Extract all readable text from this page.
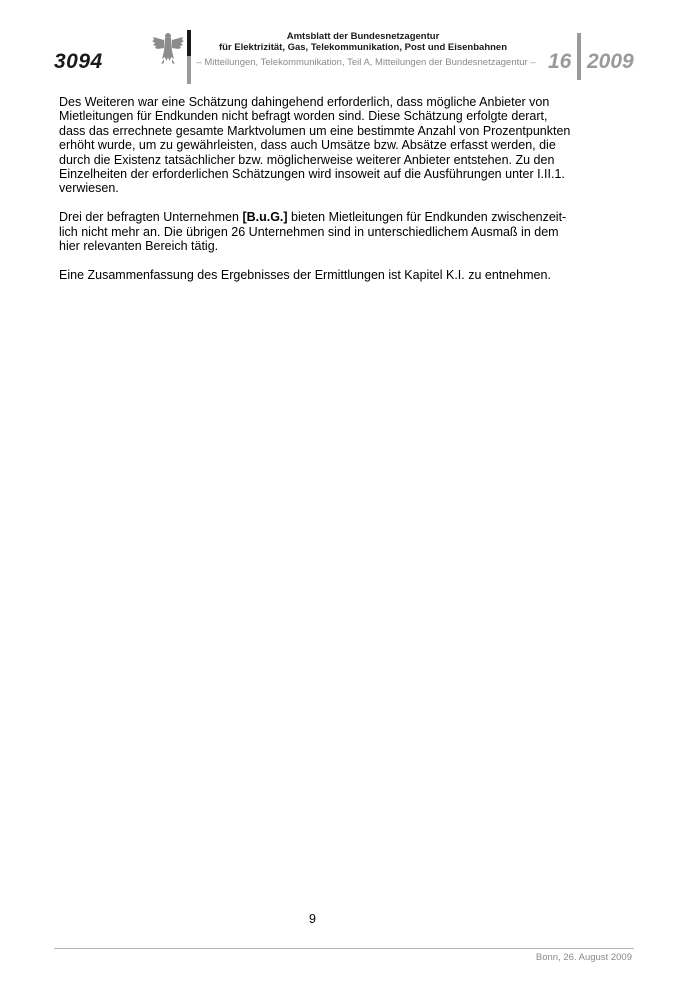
3094
Amtsblatt der Bundesnetzagentur
für Elektrizität, Gas, Telekommunikation, Post und Eisenbahnen
– Mitteilungen, Telekommunikation, Teil A, Mitteilungen der Bundesnetzagentur – 16 2009

Des Weiteren war eine Schätzung dahingehend erforderlich, dass mögliche Anbieter von
Mietleitungen für Endkunden nicht befragt worden sind. Diese Schätzung erfolgte derart,
dass das errechnete gesamte Marktvolumen um eine bestimmte Anzahl von Prozentpunkten
erhöht wurde, um zu gewährleisten, dass auch Umsätze bzw. Absätze erfasst werden, die
durch die Existenz tatsächlicher bzw. möglicherweise weiterer Anbieter entstehen. Zu den
Einzelheiten der erforderlichen Schätzungen wird insoweit auf die Ausführungen unter I.II.1.
verwiesen.

Drei der befragten Unternehmen [B.u.G.] bieten Mietleitungen für Endkunden zwischenzeit-
lich nicht mehr an. Die übrigen 26 Unternehmen sind in unterschiedlichem Ausmaß in dem
hier relevanten Bereich tätig.

Eine Zusammenfassung des Ergebnisses der Ermittlungen ist Kapitel K.I. zu entnehmen.

9
Bonn, 26. August 2009
